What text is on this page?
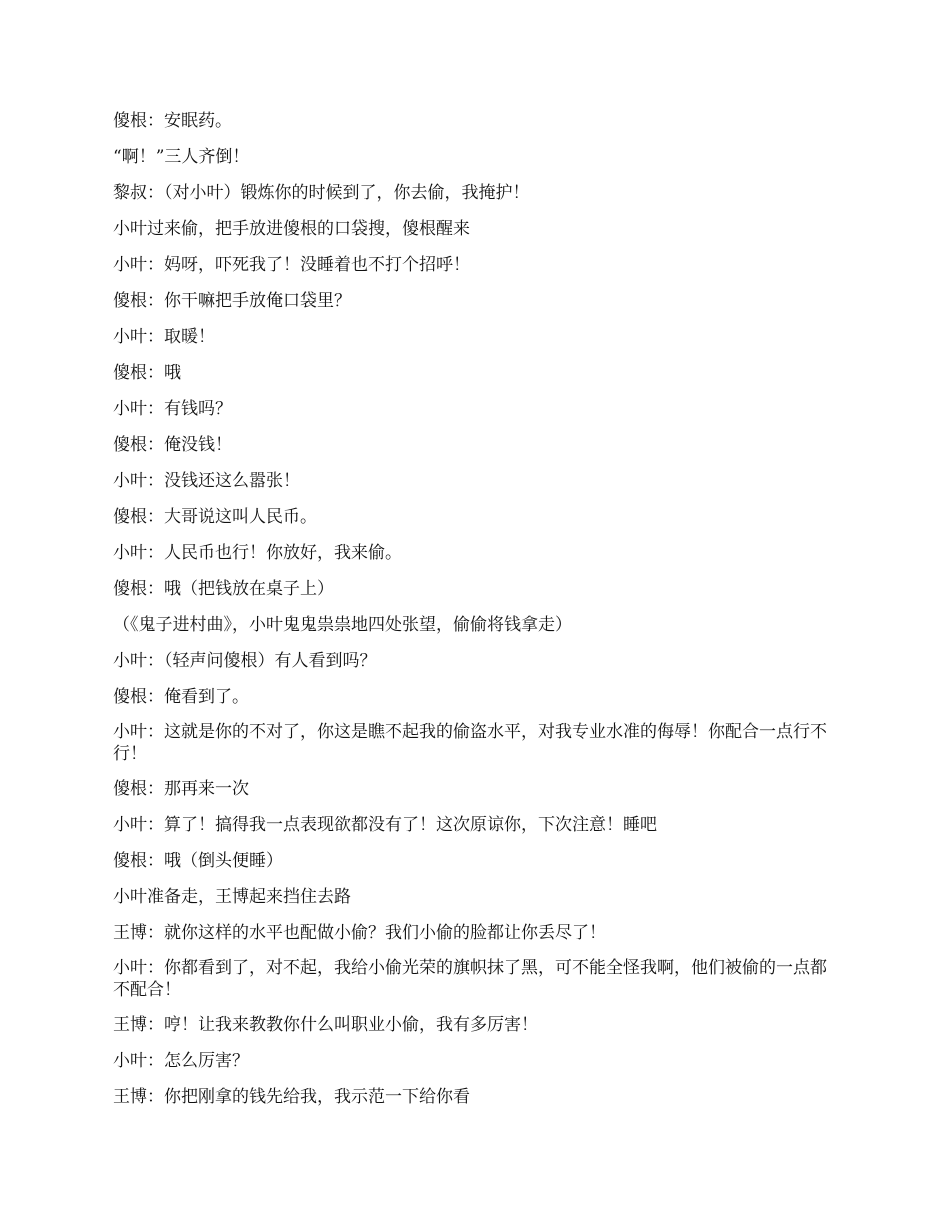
傻根：安眠药。

“啊！”三人齐倒！

黎叔：（对小叶）锻炼你的时候到了，你去偷，我掩护！

小叶过来偷，把手放进傻根的口袋搜，傻根醒来

小叶：妈呀，吓死我了！没睡着也不打个招呼！

傻根：你干嘛把手放俺口袋里？

小叶：取暖！

傻根：哦

小叶：有钱吗？

傻根：俺没钱！

小叶：没钱还这么嚣张！

傻根：大哥说这叫人民币。

小叶：人民币也行！你放好，我来偷。

傻根：哦（把钱放在桌子上）

（《鬼子进村曲》，小叶鬼鬼祟祟地四处张望，偷偷将钱拿走）

小叶：（轻声问傻根）有人看到吗？

傻根：俺看到了。

小叶：这就是你的不对了，你这是瞧不起我的偷盗水平，对我专业水准的侮辱！你配合一点行不行！

傻根：那再来一次

小叶：算了！搞得我一点表现欲都没有了！这次原谅你，下次注意！睡吧

傻根：哦（倒头便睡）

小叶准备走，王博起来挡住去路

王博：就你这样的水平也配做小偷？我们小偷的脸都让你丢尽了！

小叶：你都看到了，对不起，我给小偷光荣的旗帜抹了黑，可不能全怪我啊，他们被偷的一点都不配合！

王博：哼！让我来教教你什么叫职业小偷，我有多厉害！

小叶：怎么厉害？

王博：你把刚拿的钱先给我，我示范一下给你看
